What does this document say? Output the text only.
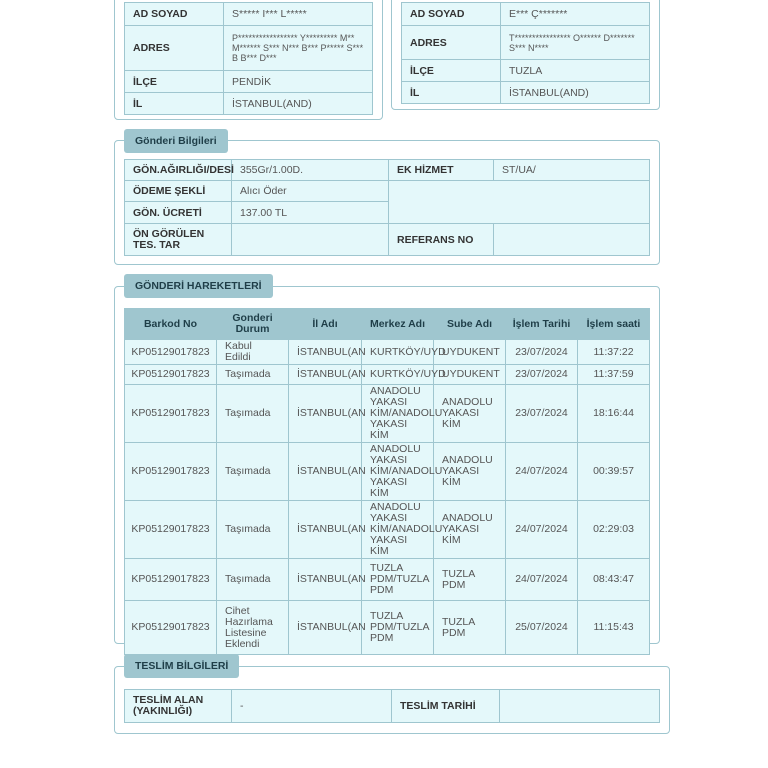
AD SOYAD	S***** I*** L*****
ADRES	P***************** Y********* M** M****** S*** N*** B*** P***** S*** B B*** D***
İLÇE	PENDİK
İL	İSTANBUL(AND)
AD SOYAD	E*** Ç*******
ADRES	T**************** O****** D******* S*** N****
İLÇE	TUZLA
İL	İSTANBUL(AND)
Gönderi Bilgileri
GÖN.AĞIRLIĞI/DESİ	355Gr/1.00D.	EK HİZMET	ST/UA/
ÖDEME ŞEKLİ	Alıcı Öder		
GÖN. ÜCRETİ	137.00 TL		
ÖN GÖRÜLEN TES. TAR		REFERANS NO	
GÖNDERİ HAREKETLERİ
Barkod No	Gonderi Durum	İl Adı	Merkez Adı	Sube Adı	İşlem Tarihi	İşlem saati
KP05129017823	Kabul Edildi	İSTANBUL(AN	KURTKÖY/UYD	UYDUKENT	23/07/2024	11:37:22
KP05129017823	Taşımada	İSTANBUL(AN	KURTKÖY/UYD	UYDUKENT	23/07/2024	11:37:59
KP05129017823	Taşımada	İSTANBUL(AN	ANADOLU
YAKASI
KİM/ANADOLU
YAKASI KİM	ANADOLU
YAKASI KİM	23/07/2024	18:16:44
KP05129017823	Taşımada	İSTANBUL(AN	ANADOLU
YAKASI
KİM/ANADOLU
YAKASI KİM	ANADOLU
YAKASI KİM	24/07/2024	00:39:57
KP05129017823	Taşımada	İSTANBUL(AN	ANADOLU
YAKASI
KİM/ANADOLU
YAKASI KİM	ANADOLU
YAKASI KİM	24/07/2024	02:29:03
KP05129017823	Taşımada	İSTANBUL(AN	TUZLA
PDM/TUZLA
PDM	TUZLA PDM	24/07/2024	08:43:47
KP05129017823	Cihet
Hazırlama
Listesine
Eklendi	İSTANBUL(AN	TUZLA
PDM/TUZLA
PDM	TUZLA PDM	25/07/2024	11:15:43
TESLİM BİLGİLERİ
TESLİM ALAN (YAKINLIĞI)	-	TESLİM TARİHİ	
